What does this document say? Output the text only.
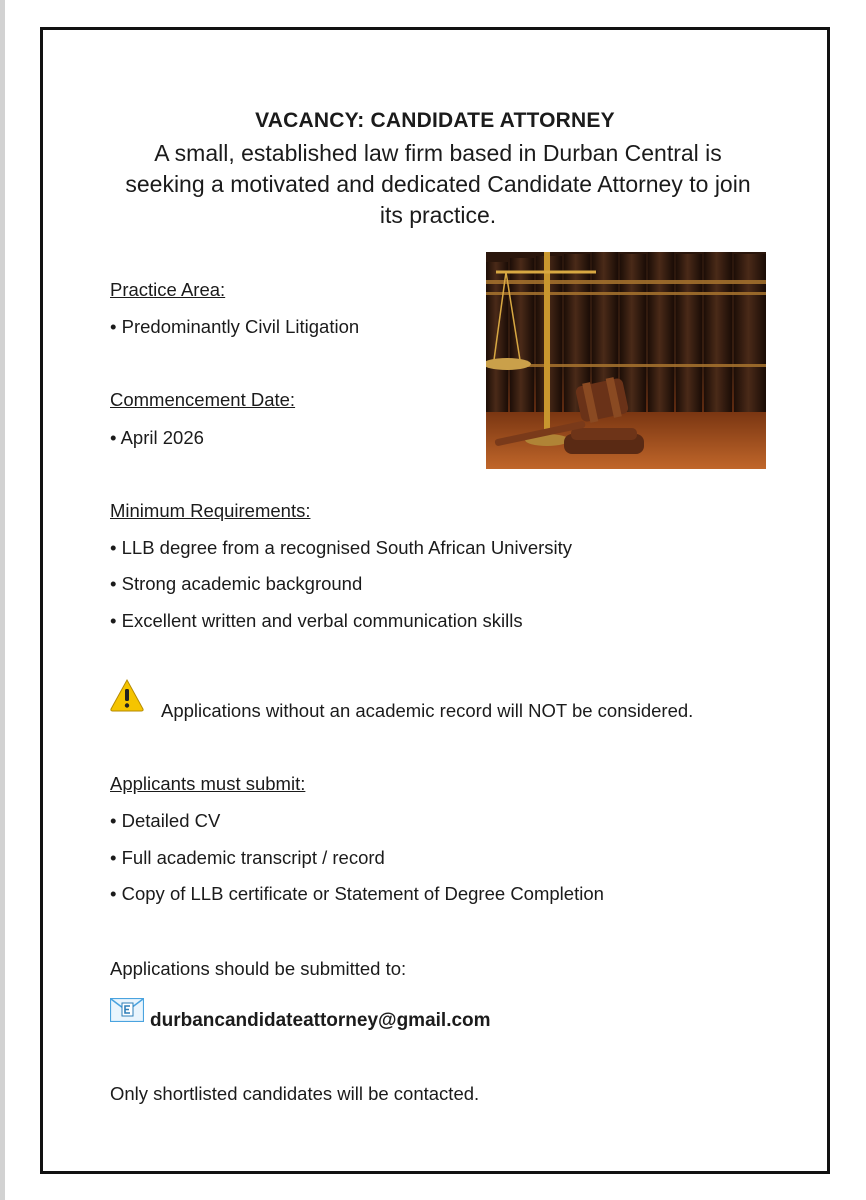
VACANCY: CANDIDATE ATTORNEY
A small, established law firm based in Durban Central is
seeking a motivated and dedicated Candidate Attorney to join
its practice.
Practice Area:
• Predominantly Civil Litigation
Commencement Date:
• April 2026
Minimum Requirements:
• LLB degree from a recognised South African University
• Strong academic background
• Excellent written and verbal communication skills
Applications without an academic record will NOT be considered.
Applicants must submit:
• Detailed CV
• Full academic transcript / record
• Copy of LLB certificate or Statement of Degree Completion
Applications should be submitted to:
durbancandidateattorney@gmail.com
Only shortlisted candidates will be contacted.
